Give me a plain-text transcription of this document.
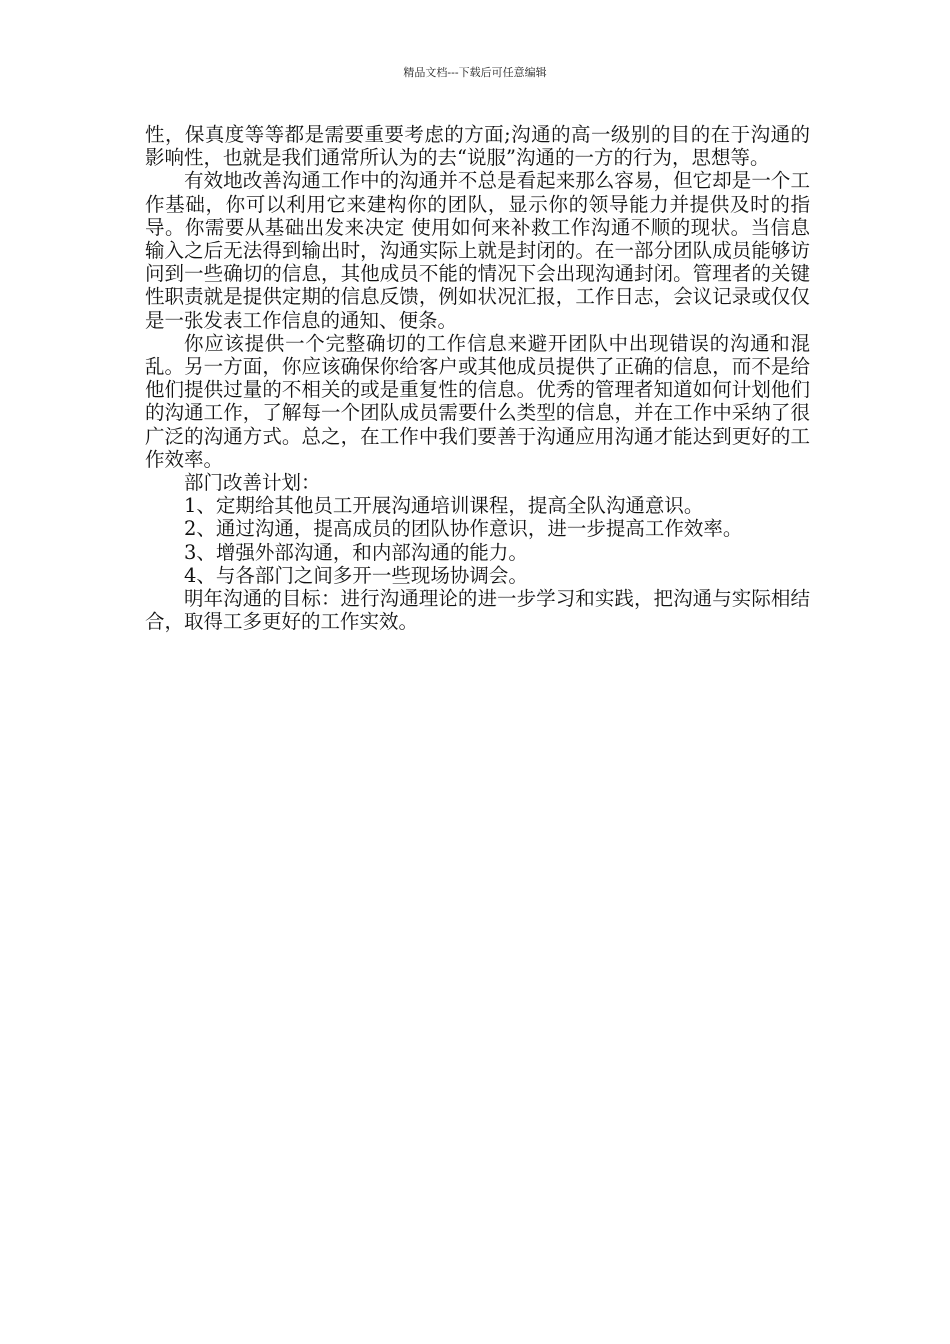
精品文档---下载后可任意编辑

性，保真度等等都是需要重要考虑的方面;沟通的高一级别的目的在于沟通的影响性，也就是我们通常所认为的去“说服”沟通的一方的行为，思想等。

有效地改善沟通工作中的沟通并不总是看起来那么容易，但它却是一个工作基础，你可以利用它来建构你的团队，显示你的领导能力并提供及时的指导。你需要从基础出发来决定 使用如何来补救工作沟通不顺的现状。当信息输入之后无法得到输出时，沟通实际上就是封闭的。在一部分团队成员能够访问到一些确切的信息，其他成员不能的情况下会出现沟通封闭。管理者的关键性职责就是提供定期的信息反馈，例如状况汇报，工作日志，会议记录或仅仅是一张发表工作信息的通知、便条。

你应该提供一个完整确切的工作信息来避开团队中出现错误的沟通和混乱。另一方面，你应该确保你给客户或其他成员提供了正确的信息，而不是给他们提供过量的不相关的或是重复性的信息。优秀的管理者知道如何计划他们的沟通工作，了解每一个团队成员需要什么类型的信息，并在工作中采纳了很广泛的沟通方式。总之，在工作中我们要善于沟通应用沟通才能达到更好的工作效率。

部门改善计划：

1、定期给其他员工开展沟通培训课程，提高全队沟通意识。

2、通过沟通，提高成员的团队协作意识，进一步提高工作效率。

3、增强外部沟通，和内部沟通的能力。

4、与各部门之间多开一些现场协调会。

明年沟通的目标：进行沟通理论的进一步学习和实践，把沟通与实际相结合，取得工多更好的工作实效。
